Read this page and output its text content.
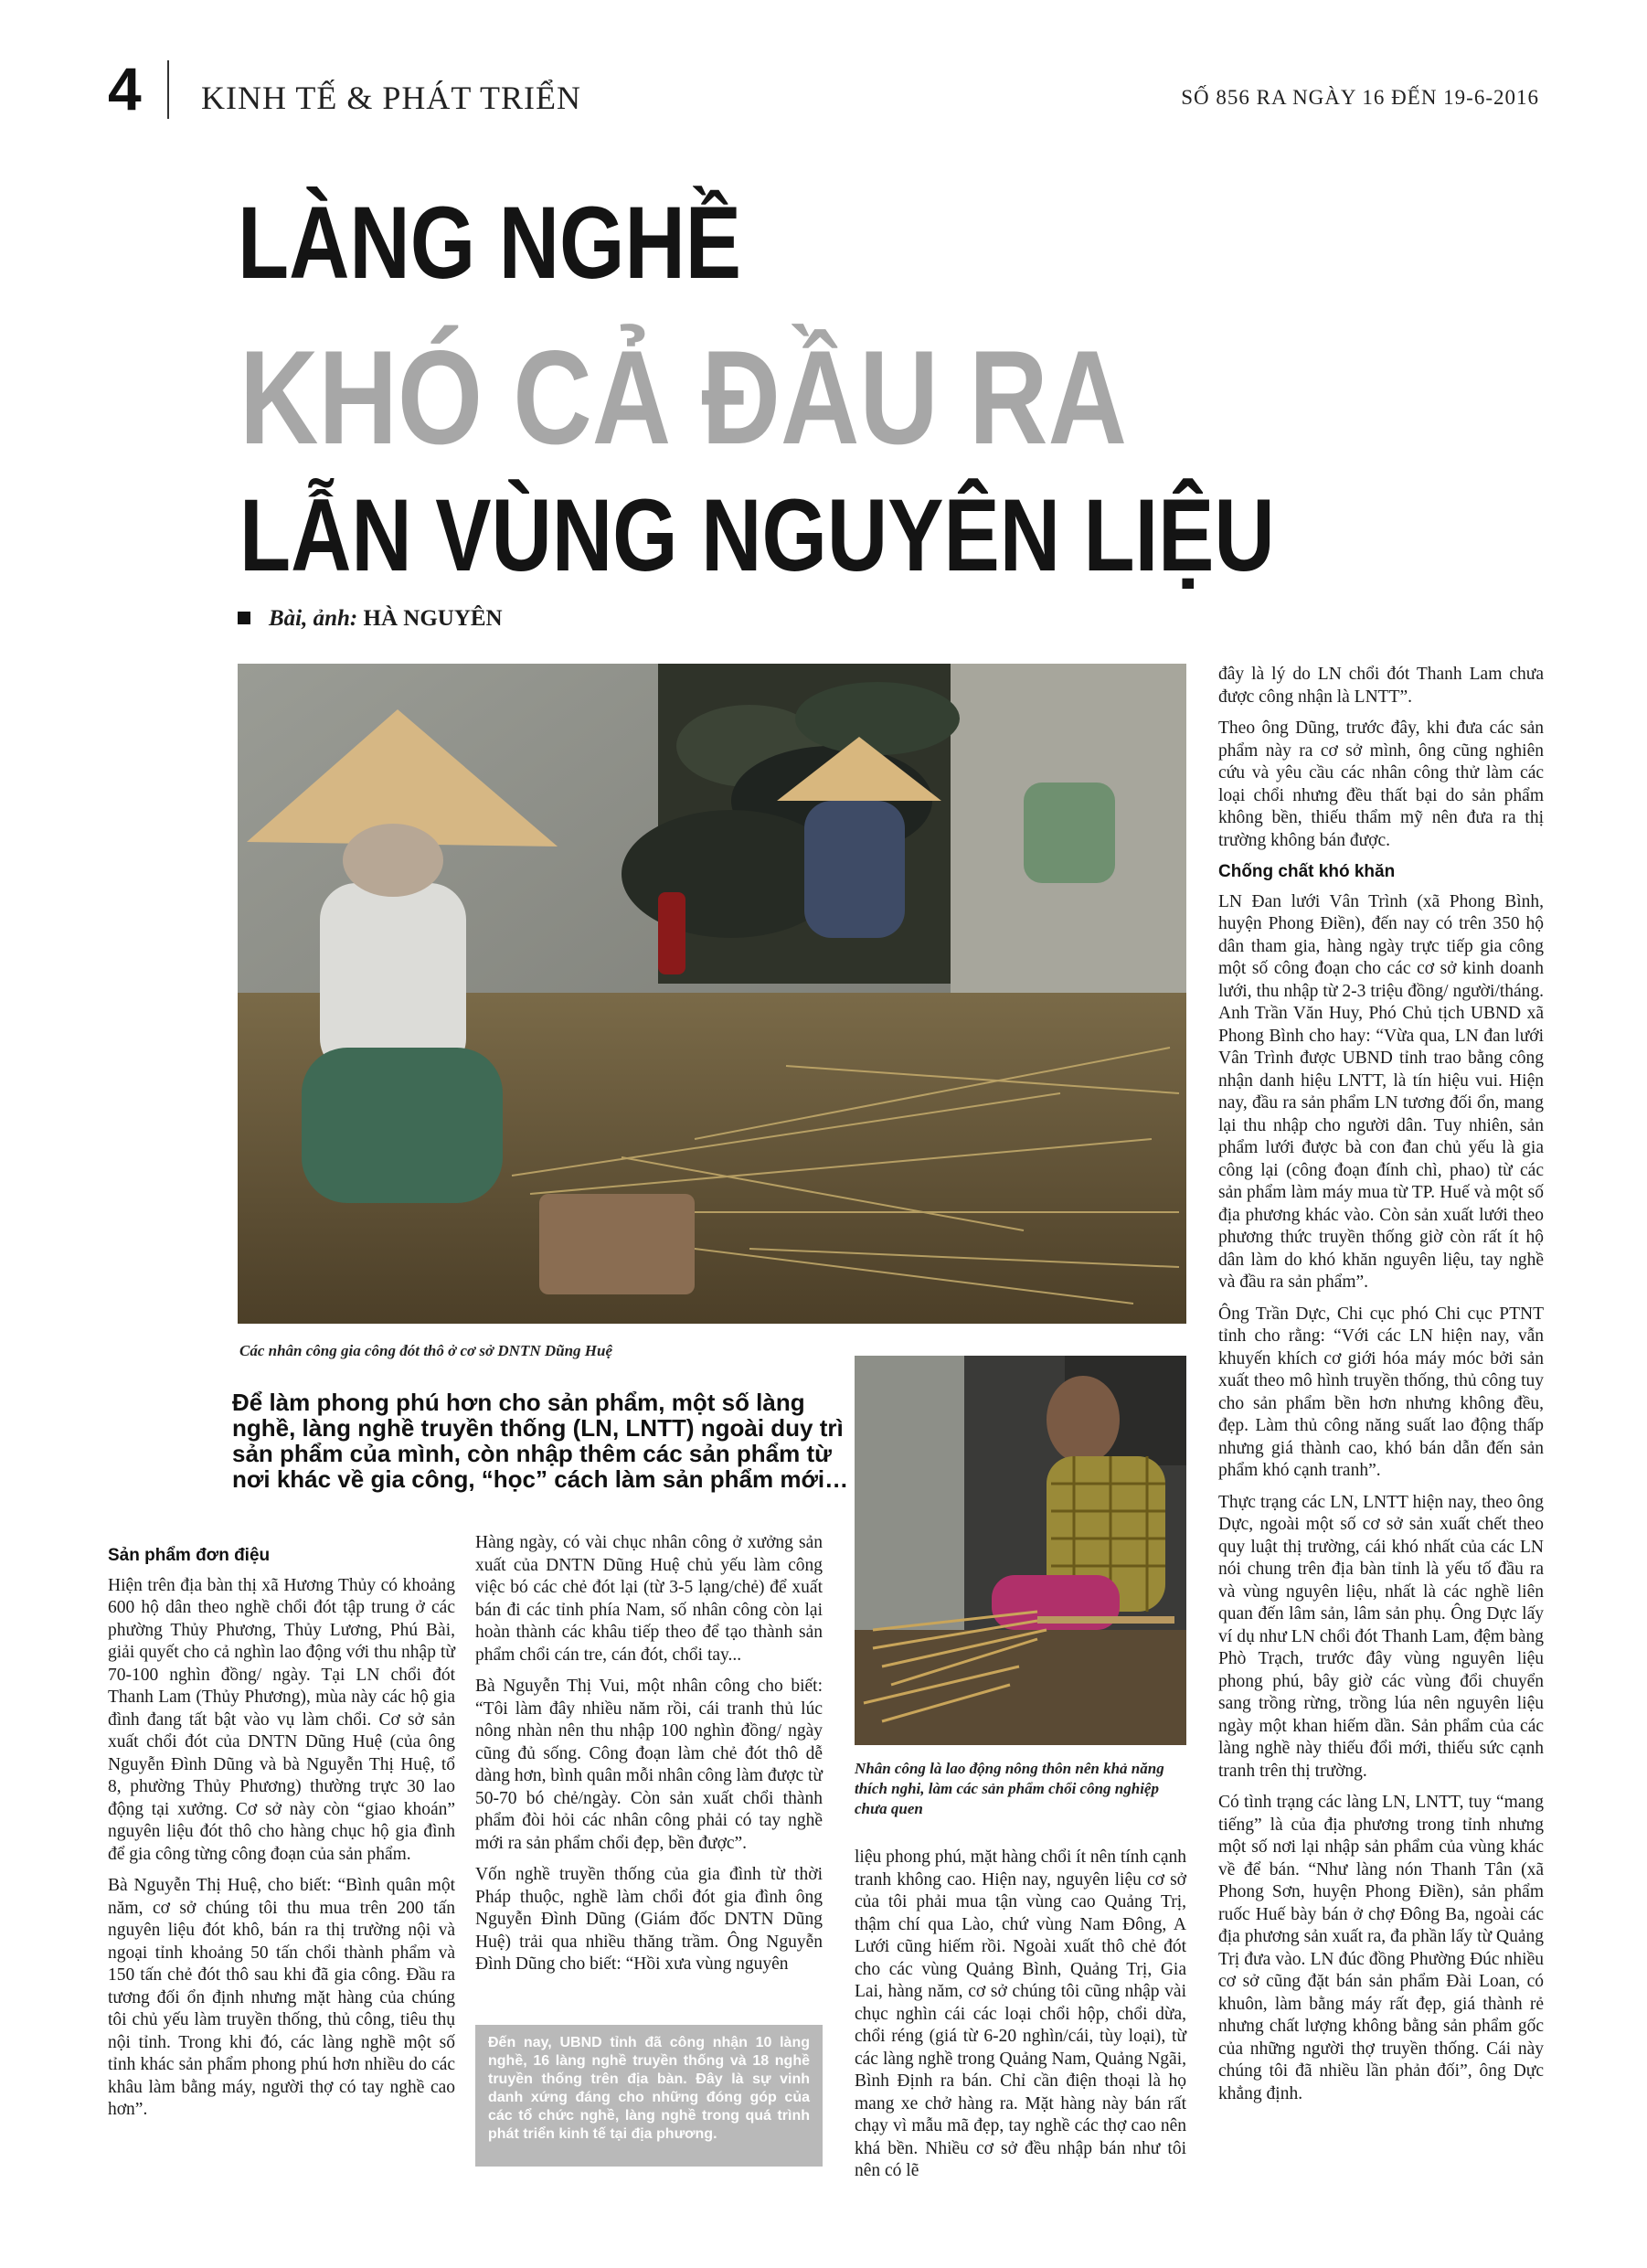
4 KINH TẾ & PHÁT TRIỂN	SỐ 856 RA NGÀY 16 ĐẾN 19-6-2016
LÀNG NGHỀ
KHÓ CẢ ĐẦU RA
LẪN VÙNG NGUYÊN LIỆU
Bài, ảnh: HÀ NGUYÊN
Các nhân công gia công đót thô ở cơ sở DNTN Dũng Huệ
Để làm phong phú hơn cho sản phẩm, một số làng nghề, làng nghề truyền thống (LN, LNTT) ngoài duy trì sản phẩm của mình, còn nhập thêm các sản phẩm từ nơi khác về gia công, “học” cách làm sản phẩm mới…
Nhân công là lao động nông thôn nên khả năng thích nghi, làm các sản phẩm chổi công nghiệp chưa quen
Sản phẩm đơn điệu

Hiện trên địa bàn thị xã Hương Thủy có khoảng 600 hộ dân theo nghề chổi đót tập trung ở các phường Thủy Phương, Thủy Lương, Phú Bài, giải quyết cho cả nghìn lao động với thu nhập từ 70-100 nghìn đồng/ ngày. Tại LN chổi đót Thanh Lam (Thủy Phương), mùa này các hộ gia đình đang tất bật vào vụ làm chổi. Cơ sở sản xuất chổi đót của DNTN Dũng Huệ (của ông Nguyễn Đình Dũng và bà Nguyễn Thị Huệ, tổ 8, phường Thủy Phương) thường trực 30 lao động tại xưởng. Cơ sở này còn “giao khoán” nguyên liệu đót thô cho hàng chục hộ gia đình để gia công từng công đoạn của sản phẩm.

Bà Nguyễn Thị Huệ, cho biết: “Bình quân một năm, cơ sở chúng tôi thu mua trên 200 tấn nguyên liệu đót khô, bán ra thị trường nội và ngoại tỉnh khoảng 50 tấn chổi thành phẩm và 150 tấn chẻ đót thô sau khi đã gia công. Đầu ra tương đối ổn định nhưng mặt hàng của chúng tôi chủ yếu làm truyền thống, thủ công, tiêu thụ nội tỉnh. Trong khi đó, các làng nghề một số tỉnh khác sản phẩm phong phú hơn nhiều do các khâu làm bằng máy, người thợ có tay nghề cao hơn”.

Hàng ngày, có vài chục nhân công ở xưởng sản xuất của DNTN Dũng Huệ chủ yếu làm công việc bó các chẻ đót lại (từ 3-5 lạng/chẻ) để xuất bán đi các tỉnh phía Nam, số nhân công còn lại hoàn thành các khâu tiếp theo để tạo thành sản phẩm chổi cán tre, cán đót, chổi tay...

Bà Nguyễn Thị Vui, một nhân công cho biết: “Tôi làm đây nhiều năm rồi, cái tranh thủ lúc nông nhàn nên thu nhập 100 nghìn đồng/ ngày cũng đủ sống. Công đoạn làm chẻ đót thô dễ dàng hơn, bình quân mỗi nhân công làm được từ 50-70 bó chẻ/ngày. Còn sản xuất chổi thành phẩm đòi hỏi các nhân công phải có tay nghề mới ra sản phẩm chổi đẹp, bền được”.

Vốn nghề truyền thống của gia đình từ thời Pháp thuộc, nghề làm chổi đót gia đình ông Nguyễn Đình Dũng (Giám đốc DNTN Dũng Huệ) trải qua nhiều thăng trầm. Ông Nguyễn Đình Dũng cho biết: “Hồi xưa vùng nguyên

Đến nay, UBND tỉnh đã công nhận 10 làng nghề, 16 làng nghề truyền thống và 18 nghề truyền thống trên địa bàn. Đây là sự vinh danh xứng đáng cho những đóng góp của các tổ chức nghề, làng nghề trong quá trình phát triển kinh tế tại địa phương.

liệu phong phú, mặt hàng chổi ít nên tính cạnh tranh không cao. Hiện nay, nguyên liệu cơ sở của tôi phải mua tận vùng cao Quảng Trị, thậm chí qua Lào, chứ vùng Nam Đông, A Lưới cũng hiếm rồi. Ngoài xuất thô chẻ đót cho các vùng Quảng Bình, Quảng Trị, Gia Lai, hàng năm, cơ sở chúng tôi cũng nhập vài chục nghìn cái các loại chổi hộp, chổi dừa, chổi réng (giá từ 6-20 nghìn/cái, tùy loại), từ các làng nghề trong Quảng Nam, Quảng Ngãi, Bình Định ra bán. Chỉ cần điện thoại là họ mang xe chở hàng ra. Mặt hàng này bán rất chạy vì mẫu mã đẹp, tay nghề các thợ cao nên khá bền. Nhiều cơ sở đều nhập bán như tôi nên có lẽ

đây là lý do LN chổi đót Thanh Lam chưa được công nhận là LNTT”.

Theo ông Dũng, trước đây, khi đưa các sản phẩm này ra cơ sở mình, ông cũng nghiên cứu và yêu cầu các nhân công thử làm các loại chổi nhưng đều thất bại do sản phẩm không bền, thiếu thẩm mỹ nên đưa ra thị trường không bán được.

Chống chất khó khăn

LN Đan lưới Vân Trình (xã Phong Bình, huyện Phong Điền), đến nay có trên 350 hộ dân tham gia, hàng ngày trực tiếp gia công một số công đoạn cho các cơ sở kinh doanh lưới, thu nhập từ 2-3 triệu đồng/ người/tháng. Anh Trần Văn Huy, Phó Chủ tịch UBND xã Phong Bình cho hay: “Vừa qua, LN đan lưới Vân Trình được UBND tỉnh trao bằng công nhận danh hiệu LNTT, là tín hiệu vui. Hiện nay, đầu ra sản phẩm LN tương đối ổn, mang lại thu nhập cho người dân. Tuy nhiên, sản phẩm lưới được bà con đan chủ yếu là gia công lại (công đoạn đính chì, phao) từ các sản phẩm làm máy mua từ TP. Huế và một số địa phương khác vào. Còn sản xuất lưới theo phương thức truyền thống giờ còn rất ít hộ dân làm do khó khăn nguyên liệu, tay nghề và đầu ra sản phẩm”.

Ông Trần Dực, Chi cục phó Chi cục PTNT tỉnh cho rằng: “Với các LN hiện nay, vẫn khuyến khích cơ giới hóa máy móc bởi sản xuất theo mô hình truyền thống, thủ công tuy cho sản phẩm bền hơn nhưng không đều, đẹp. Làm thủ công năng suất lao động thấp nhưng giá thành cao, khó bán dẫn đến sản phẩm khó cạnh tranh”.

Thực trạng các LN, LNTT hiện nay, theo ông Dực, ngoài một số cơ sở sản xuất chết theo quy luật thị trường, cái khó nhất của các LN nói chung trên địa bàn tỉnh là yếu tố đầu ra và vùng nguyên liệu, nhất là các nghề liên quan đến lâm sản, lâm sản phụ. Ông Dực lấy ví dụ như LN chổi đót Thanh Lam, đệm bàng Phò Trạch, trước đây vùng nguyên liệu phong phú, bây giờ các vùng đổi chuyển sang trồng rừng, trồng lúa nên nguyên liệu ngày một khan hiếm dần. Sản phẩm của các làng nghề này thiếu đổi mới, thiếu sức cạnh tranh trên thị trường.

Có tình trạng các làng LN, LNTT, tuy “mang tiếng” là của địa phương trong tỉnh nhưng một số nơi lại nhập sản phẩm của vùng khác về để bán. “Như làng nón Thanh Tân (xã Phong Sơn, huyện Phong Điền), sản phẩm ruốc Huế bày bán ở chợ Đông Ba, ngoài các địa phương sản xuất ra, đa phần lấy từ Quảng Trị đưa vào. LN đúc đồng Phường Đúc nhiều cơ sở cũng đặt bán sản phẩm Đài Loan, có khuôn, làm bằng máy rất đẹp, giá thành rẻ nhưng chất lượng không bằng sản phẩm gốc của những người thợ truyền thống. Cái này chúng tôi đã nhiều lần phản đối”, ông Dực khẳng định.
